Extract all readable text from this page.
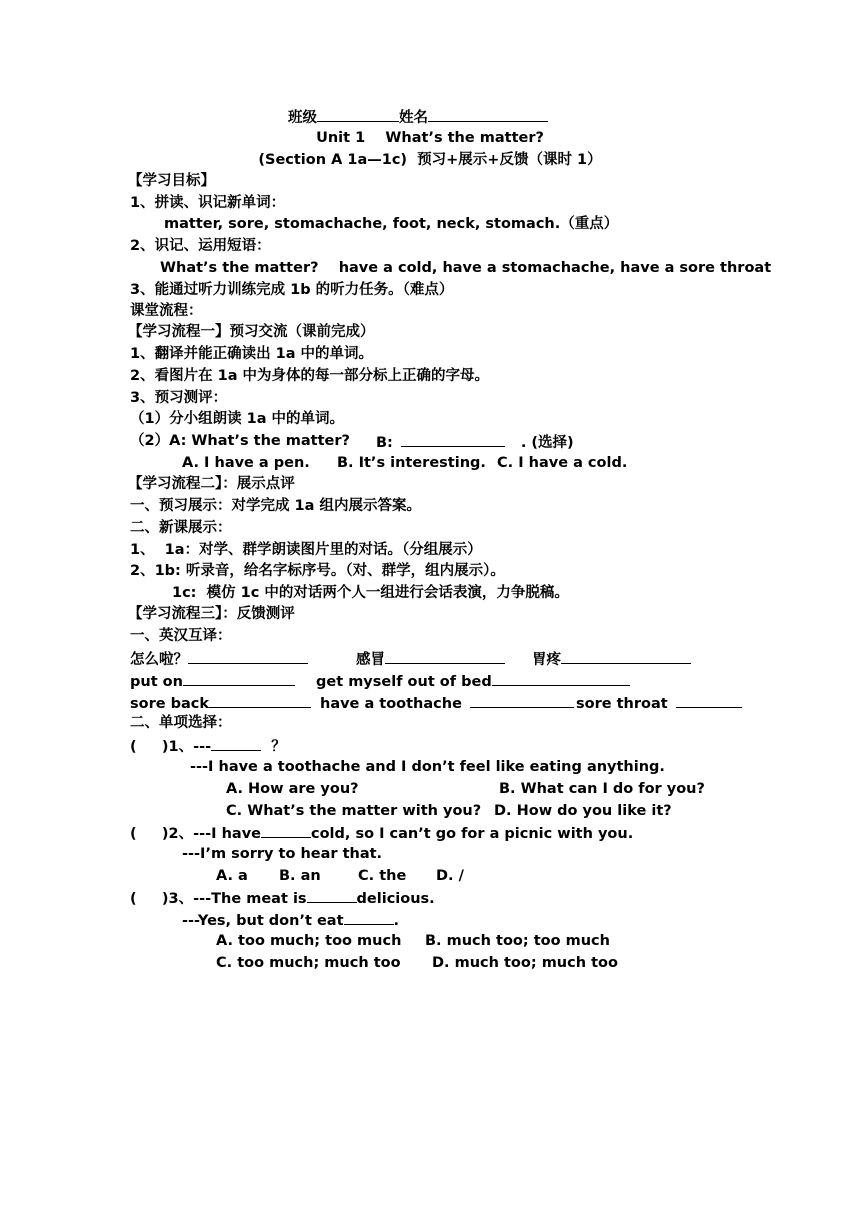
班级	姓名
Unit 1    What’s the matter?
(Section A 1a—1c)  预习+展示+反馈（课时 1）
【学习目标】
1、拼读、识记新单词：
matter, sore, stomachache, foot, neck, stomach.（重点）
2、识记、运用短语：
What’s the matter?    have a cold, have a stomachache, have a sore throat
3、能通过听力训练完成 1b 的听力任务。（难点）
课堂流程：
【学习流程一】预习交流（课前完成）
1、翻译并能正确读出 1a 中的单词。
2、看图片在 1a 中为身体的每一部分标上正确的字母。
3、预习测评：
（1）分小组朗读 1a 中的单词。
（2）A: What’s the matter? B:	. (选择)
A. I have a pen. B. It’s interesting. C. I have a cold.
【学习流程二】：展示点评
一、预习展示：对学完成 1a 组内展示答案。
二、新课展示：
1、  1a：对学、群学朗读图片里的对话。（分组展示）
2、1b: 听录音，给名字标序号。（对、群学，组内展示）。
1c:  模仿 1c 中的对话两个人一组进行会话表演，力争脱稿。
【学习流程三】：反馈测评
一、英汉互译：
怎么啦？	感冒	胃疼
put on	get myself out of bed
sore back	have a toothache	sore throat
二、单项选择：
(     )1、---	？
---I have a toothache and I don’t feel like eating anything.
A. How are you?	B. What can I do for you?
C. What’s the matter with you? D. How do you like it?
(     )2、---I have	cold, so I can’t go for a picnic with you.
---I’m sorry to hear that.
A. a B. an	C. the D. /
(     )3、---The meat is	delicious.
---Yes, but don’t eat	.
A. too much; too much B. much too; too much
C. too much; much too D. much too; much too
